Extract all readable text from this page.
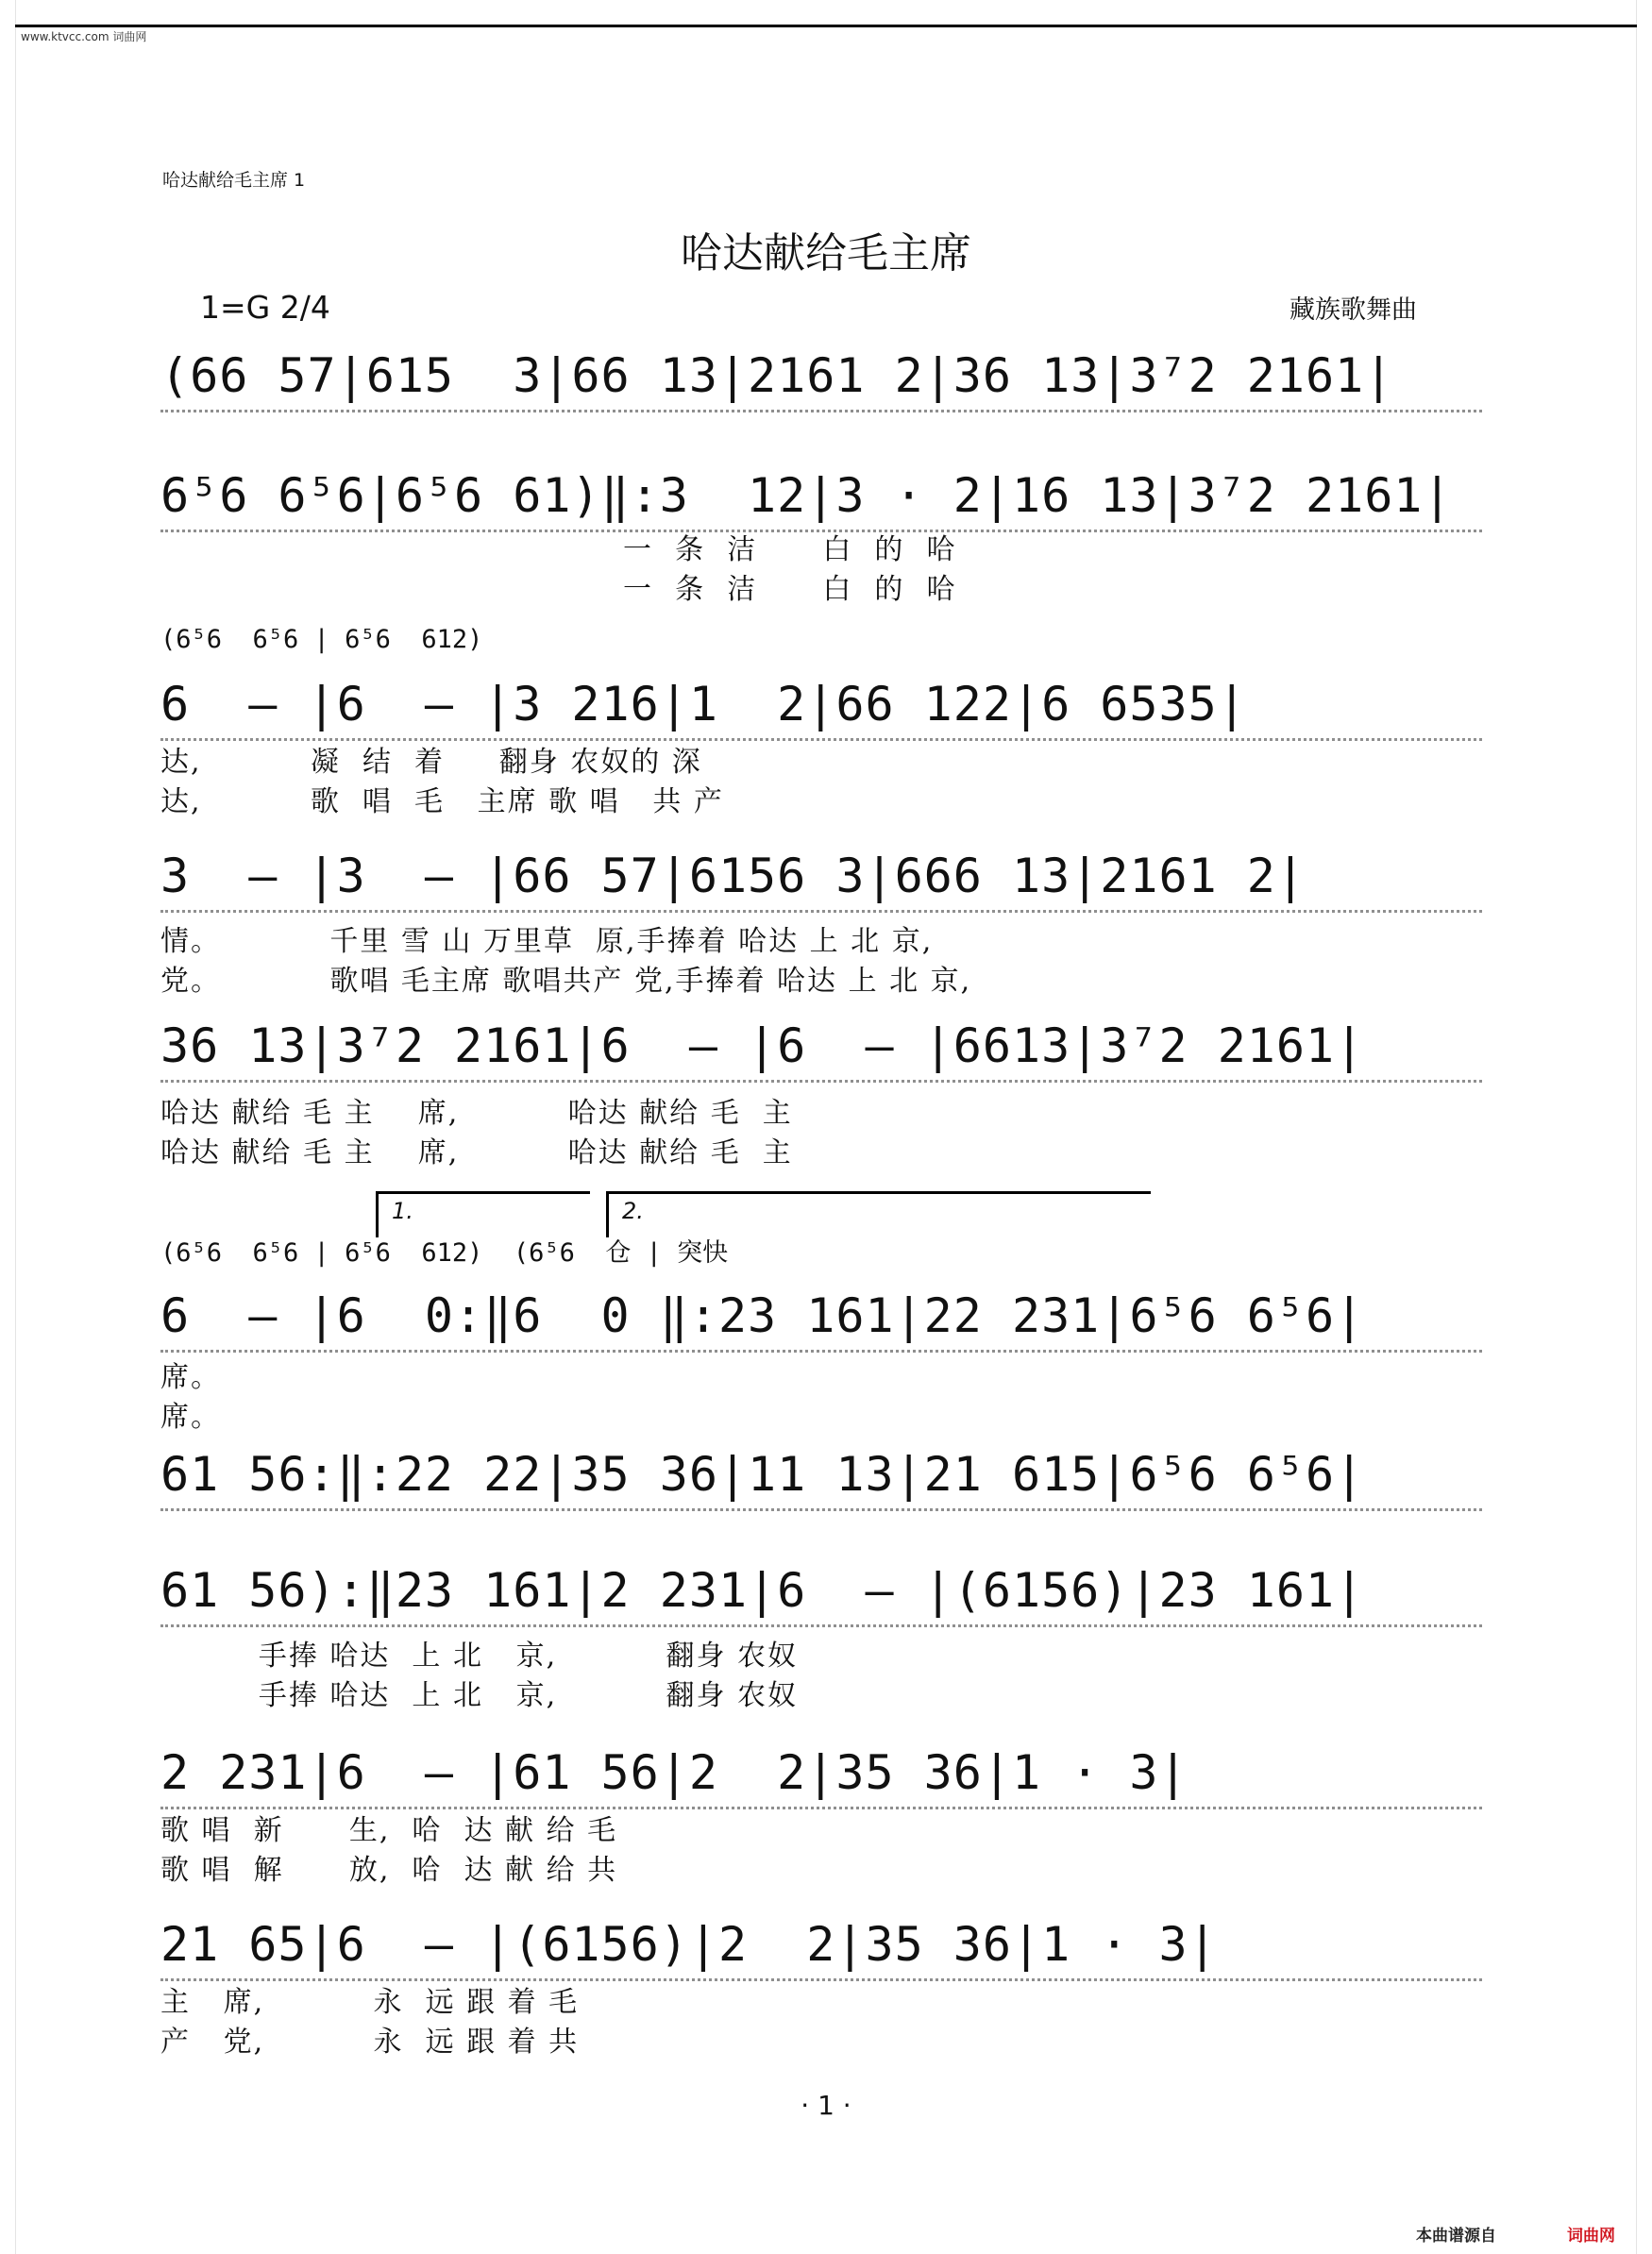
www.ktvcc.com 词曲网
哈达献给毛主席 1
哈达献给毛主席
1=G 2/4	藏族歌舞曲
(66 57|615  3|66 13|2161 2|36 13|3⁷2 2161|
6⁵6 6⁵6|6⁵6 61)‖:3  12|3 · 2|16 13|3⁷2 2161|
一  条  洁      白  的  哈
一  条  洁      白  的  哈
(6⁵6  6⁵6 | 6⁵6  612)
6  — |6  — |3 216|1  2|66 122|6 6535|
达,          凝  结  着     翻身 农奴的 深
达,          歌  唱  毛   主席 歌 唱   共 产
3  — |3  — |66 57|6156 3|666 13|2161 2|
情。          千里 雪 山 万里草  原,手捧着 哈达 上 北 京,
党。          歌唱 毛主席 歌唱共产 党,手捧着 哈达 上 北 京,
36 13|3⁷2 2161|6  — |6  — |6613|3⁷2 2161|
哈达 献给 毛 主    席,          哈达 献给 毛  主
哈达 献给 毛 主    席,          哈达 献给 毛  主
1.	2.
(6⁵6  6⁵6 | 6⁵6  612)  (6⁵6  仓 | 突快
6  — |6  0:‖6  0 ‖:23 161|22 231|6⁵6 6⁵6|
席。
席。
61 56:‖:22 22|35 36|11 13|21 615|6⁵6 6⁵6|
61 56):‖23 161|2 231|6  — |(6156)|23 161|
手捧 哈达  上 北   京,          翻身 农奴
手捧 哈达  上 北   京,          翻身 农奴
2 231|6  — |61 56|2  2|35 36|1 · 3|
歌 唱  新      生,  哈  达 献 给 毛
歌 唱  解      放,  哈  达 献 给 共
21 65|6  — |(6156)|2  2|35 36|1 · 3|
主   席,          永  远 跟 着 毛
产   党,          永  远 跟 着 共
· 1 ·
本曲谱源自	词曲网
